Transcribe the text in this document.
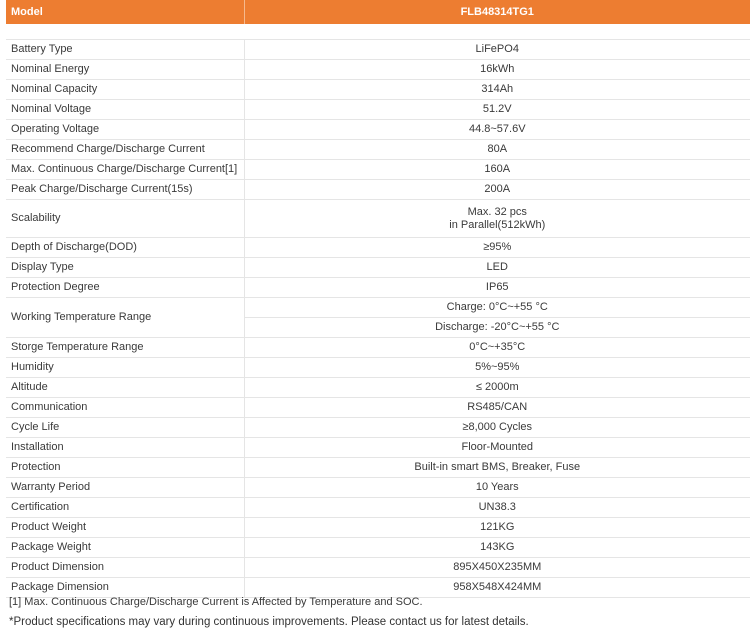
Model	FLB48314TG1

Battery Type	LiFePO4
Nominal Energy	16kWh
Nominal Capacity	314Ah
Nominal Voltage	51.2V
Operating Voltage	44.8~57.6V
Recommend Charge/Discharge Current	80A
Max. Continuous Charge/Discharge Current[1]	160A
Peak Charge/Discharge Current(15s)	200A
Scalability	Max. 32 pcs
in Parallel(512kWh)

Depth of Discharge(DOD)	≥95%
Display Type	LED
Protection Degree	IP65
Working Temperature Range	Charge: 0°C~+55 °C
	Discharge: -20°C~+55 °C
Storge Temperature Range	0°C~+35°C
Humidity	5%~95%
Altitude	≤ 2000m
Communication	RS485/CAN
Cycle Life	≥8,000 Cycles
Installation	Floor-Mounted
Protection	Built-in smart BMS, Breaker, Fuse
Warranty Period	10 Years
Certification	UN38.3
Product Weight	121KG
Package Weight	143KG
Product Dimension	895X450X235MM
Package Dimension	958X548X424MM
[1] Max. Continuous Charge/Discharge Current is Affected by Temperature and SOC.
*Product specifications may vary during continuous improvements. Please contact us for latest details.
